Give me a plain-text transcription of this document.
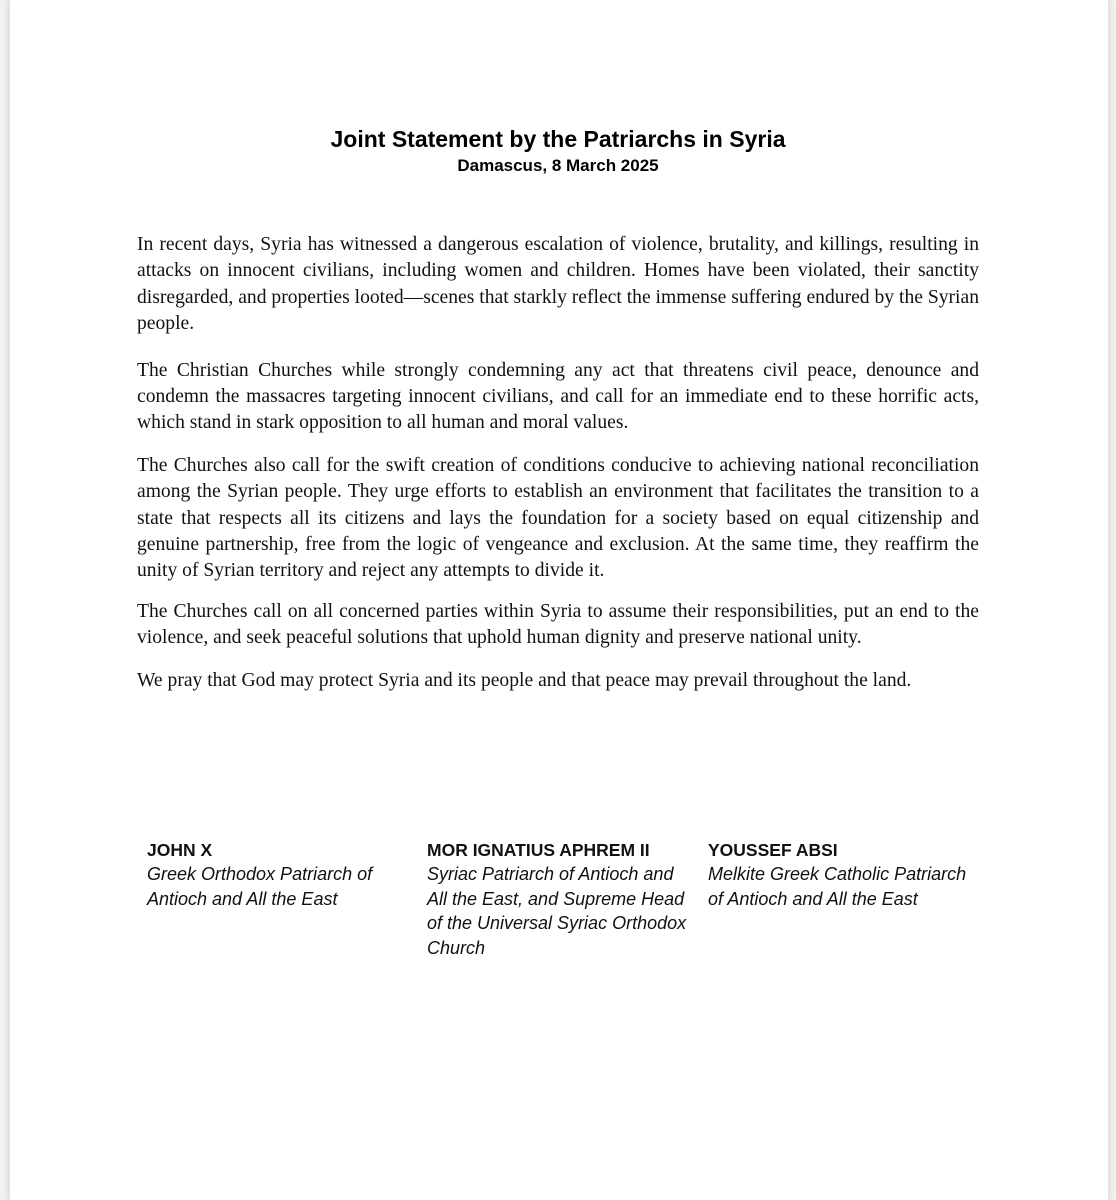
Joint Statement by the Patriarchs in Syria
Damascus, 8 March 2025

In recent days, Syria has witnessed a dangerous escalation of violence, brutality, and killings, resulting in attacks on innocent civilians, including women and children. Homes have been violated, their sanctity disregarded, and properties looted—scenes that starkly reflect the immense suffering endured by the Syrian people.

The Christian Churches while strongly condemning any act that threatens civil peace, denounce and condemn the massacres targeting innocent civilians, and call for an immediate end to these horrific acts, which stand in stark opposition to all human and moral values.

The Churches also call for the swift creation of conditions conducive to achieving national reconciliation among the Syrian people. They urge efforts to establish an environment that facilitates the transition to a state that respects all its citizens and lays the foundation for a society based on equal citizenship and genuine partnership, free from the logic of vengeance and exclusion. At the same time, they reaffirm the unity of Syrian territory and reject any attempts to divide it.

The Churches call on all concerned parties within Syria to assume their responsibilities, put an end to the violence, and seek peaceful solutions that uphold human dignity and preserve national unity.

We pray that God may protect Syria and its people and that peace may prevail throughout the land.

JOHN X
Greek Orthodox Patriarch of Antioch and All the East
MOR IGNATIUS APHREM II
Syriac Patriarch of Antioch and All the East, and Supreme Head of the Universal Syriac Orthodox Church
YOUSSEF ABSI
Melkite Greek Catholic Patriarch of Antioch and All the East
